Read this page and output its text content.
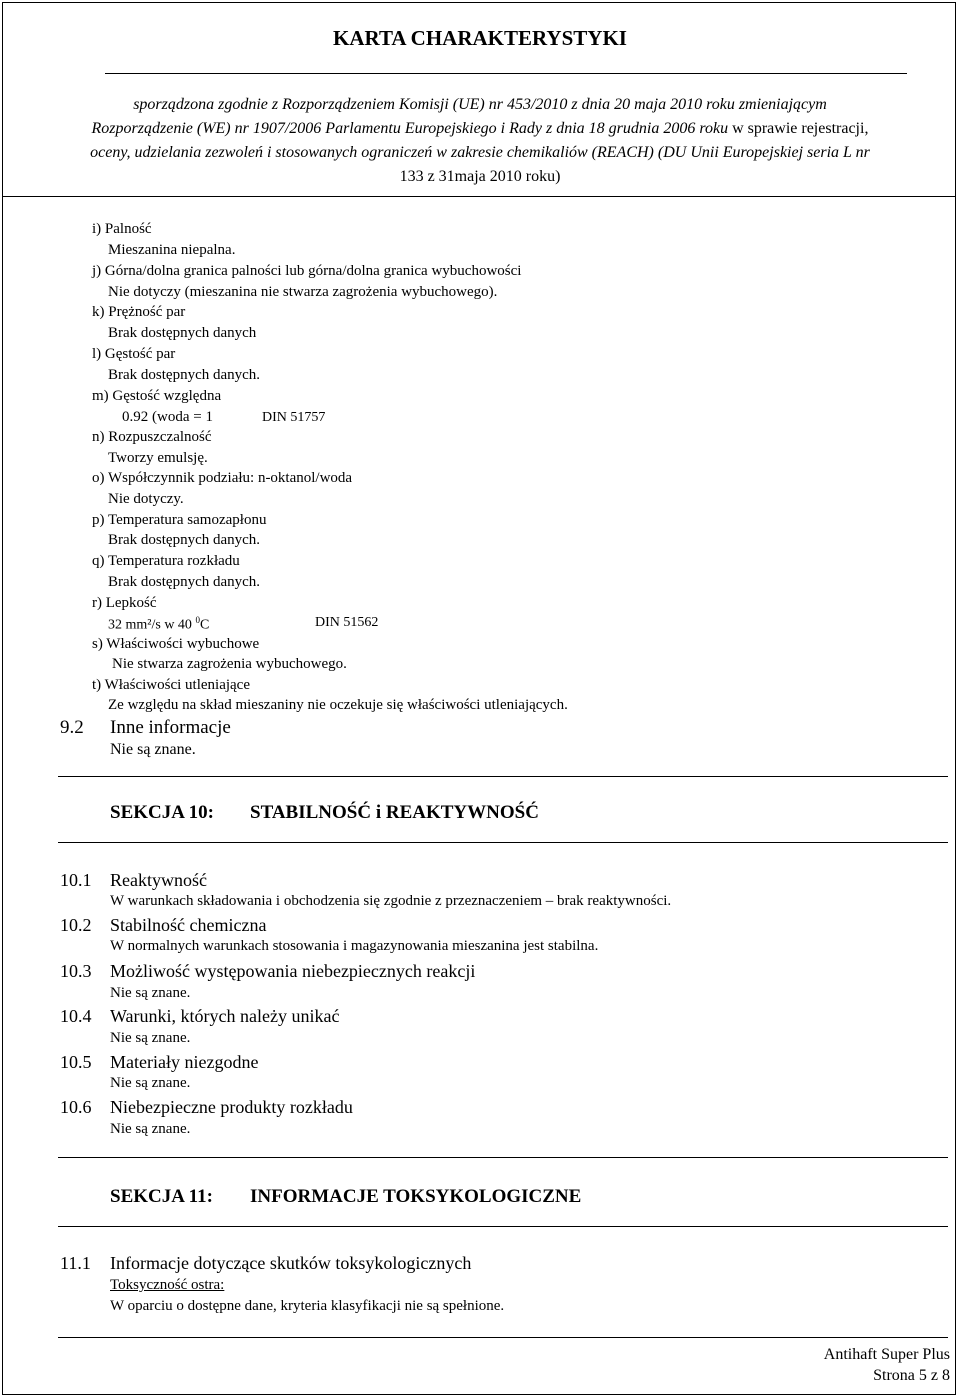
KARTA CHARAKTERYSTYKI
sporządzona zgodnie z Rozporządzeniem Komisji (UE) nr 453/2010 z dnia 20 maja 2010 roku zmieniającym
Rozporządzenie (WE) nr 1907/2006 Parlamentu Europejskiego i Rady z dnia 18 grudnia 2006 roku w sprawie rejestracji,
oceny, udzielania zezwoleń i stosowanych ograniczeń w zakresie chemikaliów (REACH) (DU Unii Europejskiej seria L nr
133 z 31maja 2010 roku)
i) Palność
Mieszanina niepalna.
j) Górna/dolna granica palności lub górna/dolna granica wybuchowości
Nie dotyczy (mieszanina nie stwarza zagrożenia wybuchowego).
k) Prężność par
Brak dostępnych danych
l) Gęstość par
Brak dostępnych danych.
m) Gęstość względna
0.92 (woda = 1	DIN 51757
n) Rozpuszczalność
Tworzy emulsję.
o) Współczynnik podziału: n-oktanol/woda
Nie dotyczy.
p) Temperatura samozapłonu
Brak dostępnych danych.
q) Temperatura rozkładu
Brak dostępnych danych.
r) Lepkość
32 mm²/s w 40 $^0$C	DIN 51562
s) Właściwości wybuchowe
Nie stwarza zagrożenia wybuchowego.
t) Właściwości utleniające
Ze względu na skład mieszaniny nie oczekuje się właściwości utleniających.
9.2 Inne informacje
Nie są znane.
SEKCJA 10: STABILNOŚĆ i REAKTYWNOŚĆ
10.1 Reaktywność
W warunkach składowania i obchodzenia się zgodnie z przeznaczeniem – brak reaktywności.
10.2 Stabilność chemiczna
W normalnych warunkach stosowania i magazynowania mieszanina jest stabilna.
10.3 Możliwość występowania niebezpiecznych reakcji
Nie są znane.
10.4 Warunki, których należy unikać
Nie są znane.
10.5 Materiały niezgodne
Nie są znane.
10.6 Niebezpieczne produkty rozkładu
Nie są znane.
SEKCJA 11: INFORMACJE TOKSYKOLOGICZNE
11.1 Informacje dotyczące skutków toksykologicznych
Toksyczność ostra:
W oparciu o dostępne dane, kryteria klasyfikacji nie są spełnione.
Antihaft Super Plus
Strona 5 z 8
